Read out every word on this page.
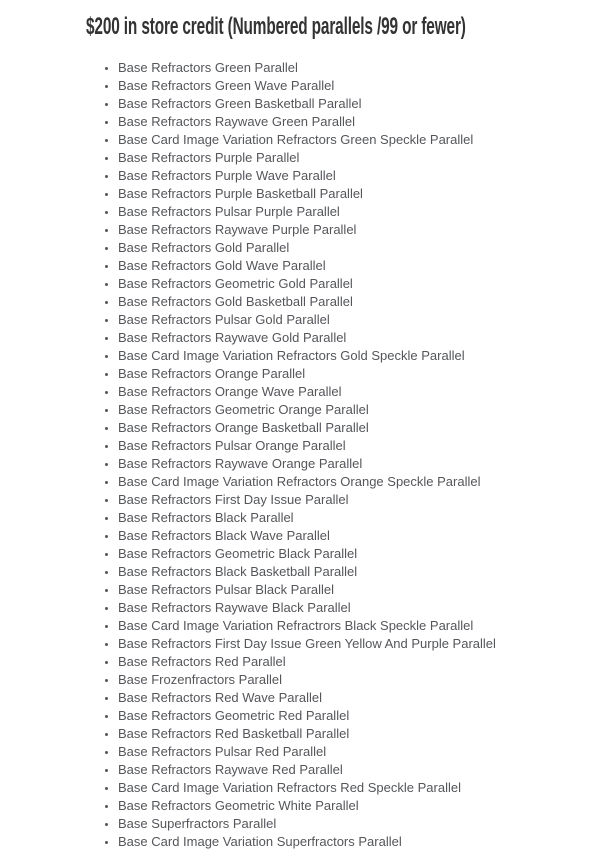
$200 in store credit (Numbered parallels /99 or fewer)
• Base Refractors Green Parallel
• Base Refractors Green Wave Parallel
• Base Refractors Green Basketball Parallel
• Base Refractors Raywave Green Parallel
• Base Card Image Variation Refractors Green Speckle Parallel
• Base Refractors Purple Parallel
• Base Refractors Purple Wave Parallel
• Base Refractors Purple Basketball Parallel
• Base Refractors Pulsar Purple Parallel
• Base Refractors Raywave Purple Parallel
• Base Refractors Gold Parallel
• Base Refractors Gold Wave Parallel
• Base Refractors Geometric Gold Parallel
• Base Refractors Gold Basketball Parallel
• Base Refractors Pulsar Gold Parallel
• Base Refractors Raywave Gold Parallel
• Base Card Image Variation Refractors Gold Speckle Parallel
• Base Refractors Orange Parallel
• Base Refractors Orange Wave Parallel
• Base Refractors Geometric Orange Parallel
• Base Refractors Orange Basketball Parallel
• Base Refractors Pulsar Orange Parallel
• Base Refractors Raywave Orange Parallel
• Base Card Image Variation Refractors Orange Speckle Parallel
• Base Refractors First Day Issue Parallel
• Base Refractors Black Parallel
• Base Refractors Black Wave Parallel
• Base Refractors Geometric Black Parallel
• Base Refractors Black Basketball Parallel
• Base Refractors Pulsar Black Parallel
• Base Refractors Raywave Black Parallel
• Base Card Image Variation Refractrors Black Speckle Parallel
• Base Refractors First Day Issue Green Yellow And Purple Parallel
• Base Refractors Red Parallel
• Base Frozenfractors Parallel
• Base Refractors Red Wave Parallel
• Base Refractors Geometric Red Parallel
• Base Refractors Red Basketball Parallel
• Base Refractors Pulsar Red Parallel
• Base Refractors Raywave Red Parallel
• Base Card Image Variation Refractors Red Speckle Parallel
• Base Refractors Geometric White Parallel
• Base Superfractors Parallel
• Base Card Image Variation Superfractors Parallel
